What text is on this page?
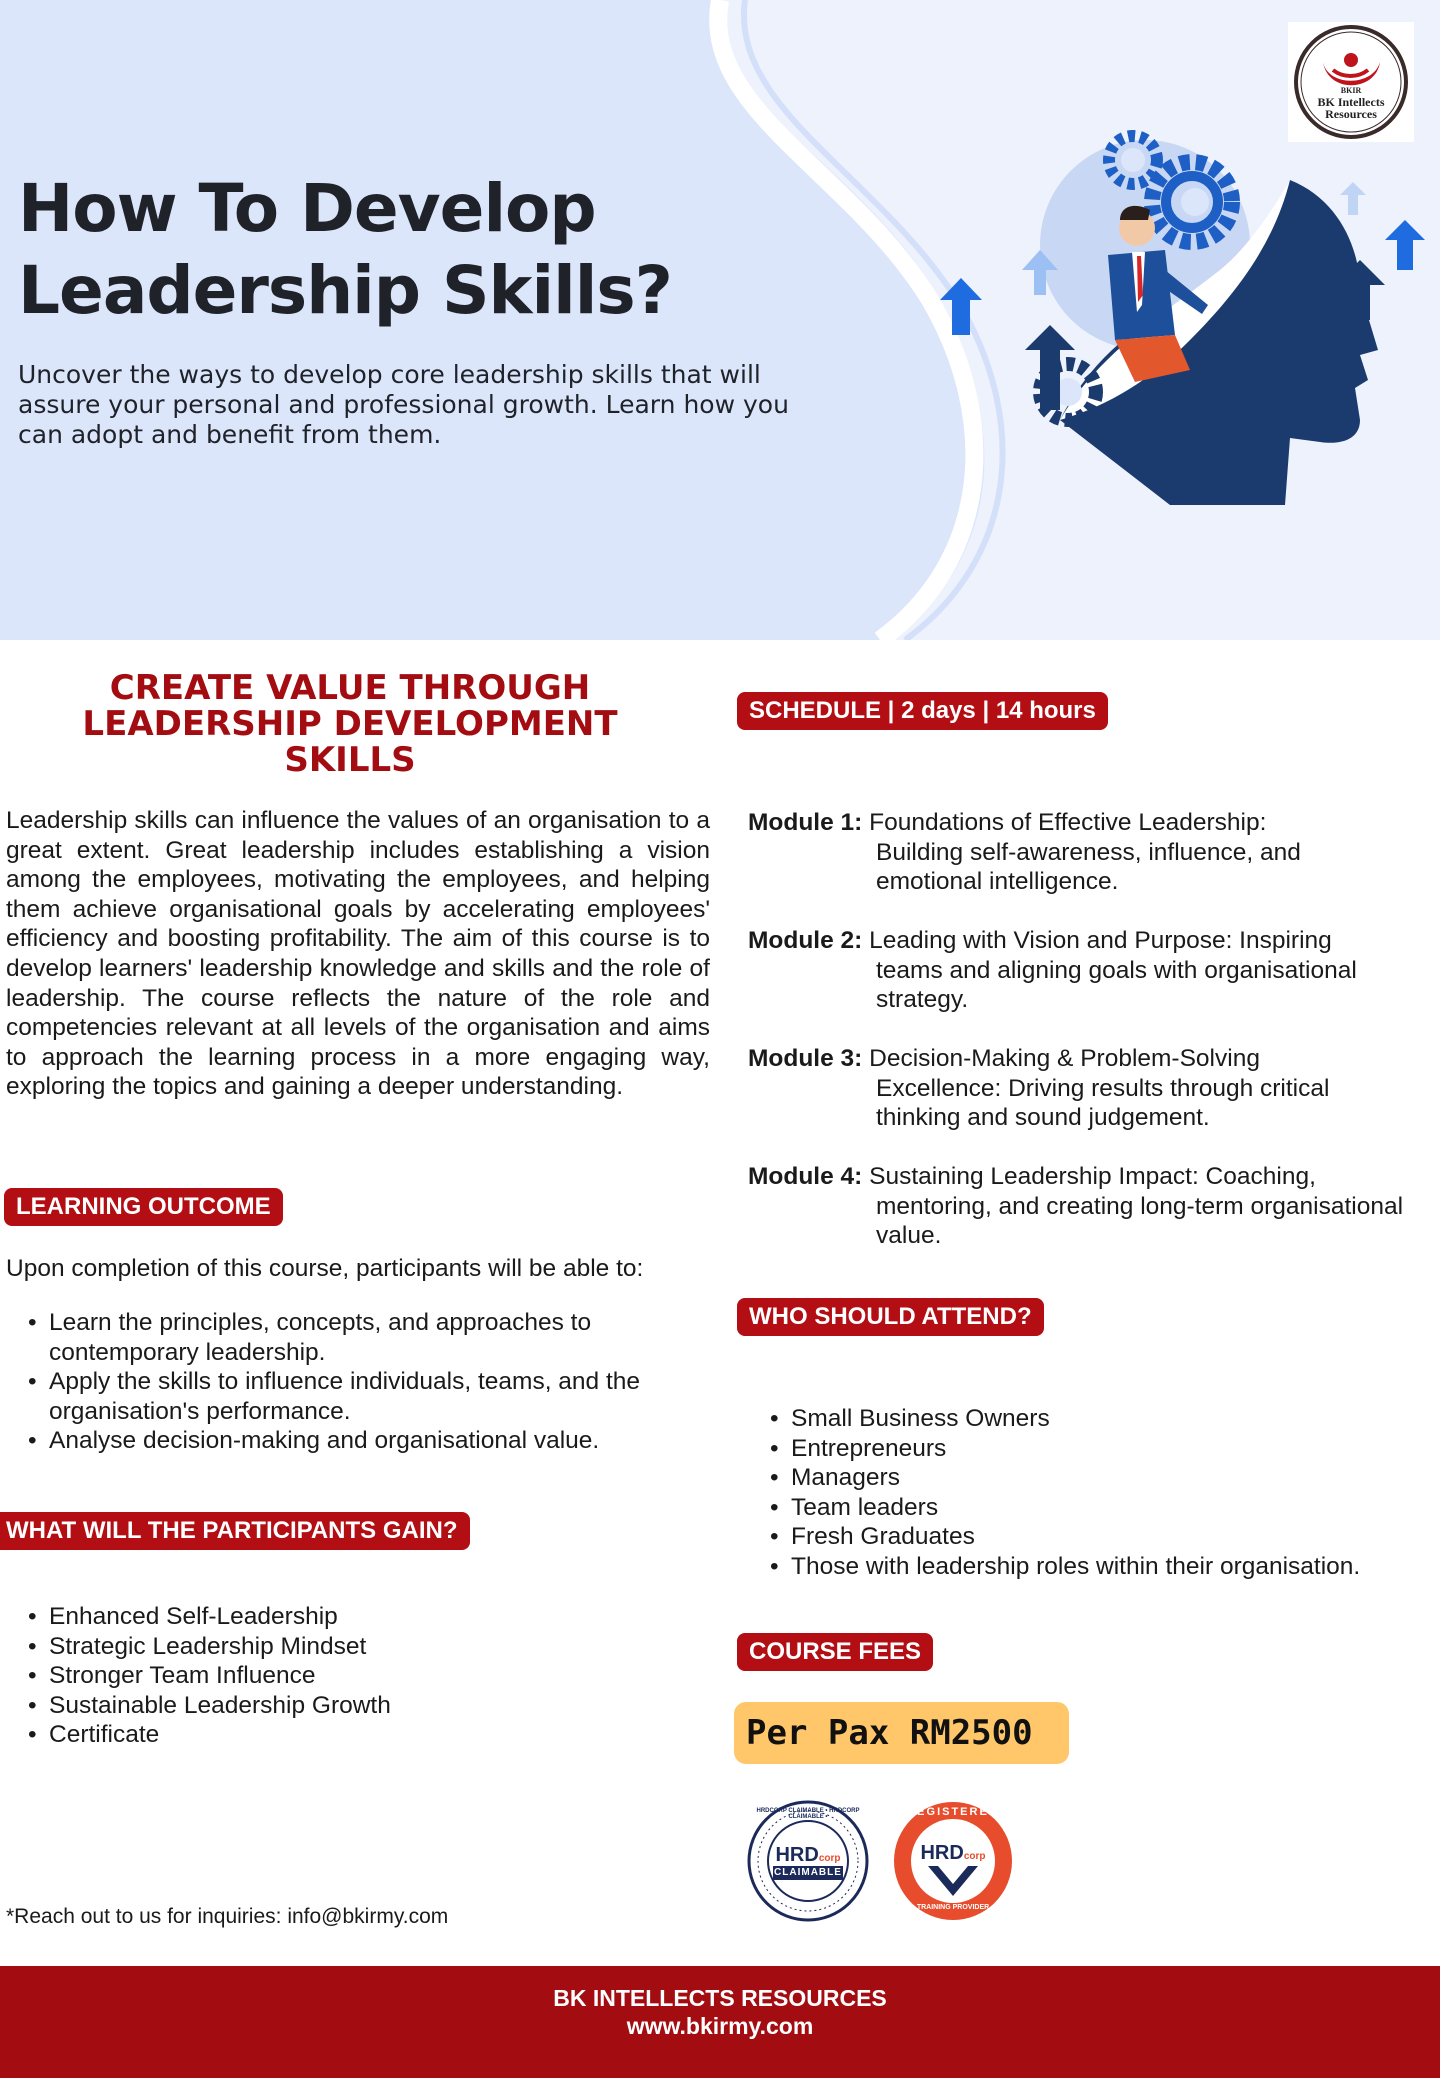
How To Develop
Leadership Skills?
Uncover the ways to develop core leadership skills that will assure your personal and professional growth. Learn how you can adopt and benefit from them.
BKIR
BK Intellects
Resources
CREATE VALUE THROUGH
LEADERSHIP DEVELOPMENT
SKILLS

Leadership skills can influence the values of an organisation to a great extent. Great leadership includes establishing a vision among the employees, motivating the employees, and helping them achieve organisational goals by accelerating employees' efficiency and boosting profitability. The aim of this course is to develop learners' leadership knowledge and skills and the role of leadership. The course reflects the nature of the role and competencies relevant at all levels of the organisation and aims to approach the learning process in a more engaging way, exploring the topics and gaining a deeper understanding.

LEARNING OUTCOME
Upon completion of this course, participants will be able to:
• Learn the principles, concepts, and approaches to contemporary leadership.
• Apply the skills to influence individuals, teams, and the organisation's performance.
• Analyse decision-making and organisational value.
WHAT WILL THE PARTICIPANTS GAIN?
• Enhanced Self-Leadership
• Strategic Leadership Mindset
• Stronger Team Influence
• Sustainable Leadership Growth
• Certificate
*Reach out to us for inquiries: info@bkirmy.com
SCHEDULE | 2 days | 14 hours
Module 1: Foundations of Effective Leadership:
Building self-awareness, influence, and emotional intelligence.
Module 2: Leading with Vision and Purpose: Inspiring
teams and aligning goals with organisational strategy.
Module 3: Decision-Making & Problem-Solving
Excellence: Driving results through critical thinking and sound judgement.
Module 4: Sustaining Leadership Impact: Coaching,
mentoring, and creating long-term organisational value.
WHO SHOULD ATTEND?
• Small Business Owners
• Entrepreneurs
• Managers
• Team leaders
• Fresh Graduates
• Those with leadership roles within their organisation.
COURSE FEES
Per Pax RM2500
HRDcorp
CLAIMABLE
HRDCORP CLAIMABLE • HRDCORP CLAIMABLE •	REGISTERED
HRDcorp
TRAINING PROVIDER
BK INTELLECTS RESOURCES
www.bkirmy.com
